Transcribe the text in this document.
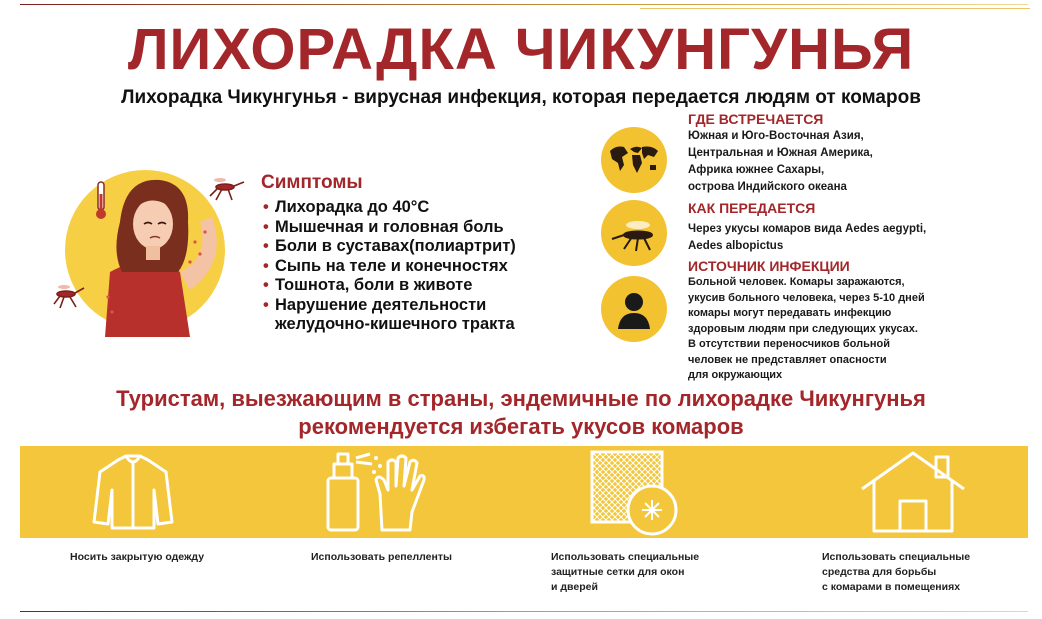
ЛИХОРАДКА ЧИКУНГУНЬЯ
Лихорадка Чикунгунья - вирусная инфекция, которая передается людям от комаров
Симптомы
• Лихорадка до 40°С
• Мышечная и головная боль
• Боли в суставах(полиартрит)
• Сыпь на теле и конечностях
• Тошнота, боли в животе
• Нарушение деятельности
желудочно-кишечного тракта
ГДЕ ВСТРЕЧАЕТСЯ
Южная и Юго-Восточная Азия,
Центральная и Южная Америка,
Африка южнее Сахары,
острова Индийского океана
КАК ПЕРЕДАЕТСЯ
Через укусы комаров вида Aedes aegypti,
Aedes albopictus
ИСТОЧНИК ИНФЕКЦИИ
Больной человек. Комары заражаются,
укусив больного человека, через 5-10 дней
комары могут передавать инфекцию
здоровым людям при следующих укусах.
В отсутствии переносчиков больной
человек не представляет опасности
для окружающих
Туристам, выезжающим в страны, эндемичные по лихорадке Чикунгунья
рекомендуется избегать укусов комаров
Носить закрытую одежду	Использовать репелленты	Использовать специальные
защитные сетки для окон
и дверей
Использовать специальные
средства для борьбы
с комарами в помещениях
